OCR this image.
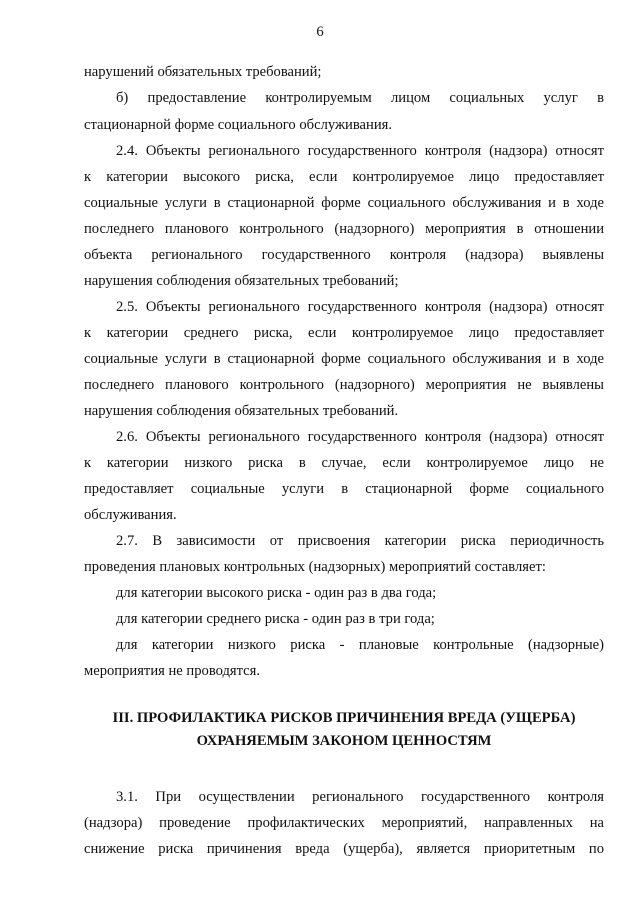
6
нарушений обязательных требований;
б) предоставление контролируемым лицом социальных услуг в
стационарной форме социального обслуживания.
2.4. Объекты регионального государственного контроля (надзора) относят
к категории высокого риска, если контролируемое лицо предоставляет
социальные услуги в стационарной форме социального обслуживания и в ходе
последнего планового контрольного (надзорного) мероприятия в отношении
объекта регионального государственного контроля (надзора) выявлены
нарушения соблюдения обязательных требований;
2.5. Объекты регионального государственного контроля (надзора) относят
к категории среднего риска, если контролируемое лицо предоставляет
социальные услуги в стационарной форме социального обслуживания и в ходе
последнего планового контрольного (надзорного) мероприятия не выявлены
нарушения соблюдения обязательных требований.
2.6. Объекты регионального государственного контроля (надзора) относят
к категории низкого риска в случае, если контролируемое лицо не
предоставляет социальные услуги в стационарной форме социального
обслуживания.
2.7. В зависимости от присвоения категории риска периодичность
проведения плановых контрольных (надзорных) мероприятий составляет:
для категории высокого риска - один раз в два года;
для категории среднего риска - один раз в три года;
для категории низкого риска - плановые контрольные (надзорные)
мероприятия не проводятся.
III. ПРОФИЛАКТИКА РИСКОВ ПРИЧИНЕНИЯ ВРЕДА (УЩЕРБА)
ОХРАНЯЕМЫМ ЗАКОНОМ ЦЕННОСТЯМ
3.1. При осуществлении регионального государственного контроля
(надзора) проведение профилактических мероприятий, направленных на
снижение риска причинения вреда (ущерба), является приоритетным по
